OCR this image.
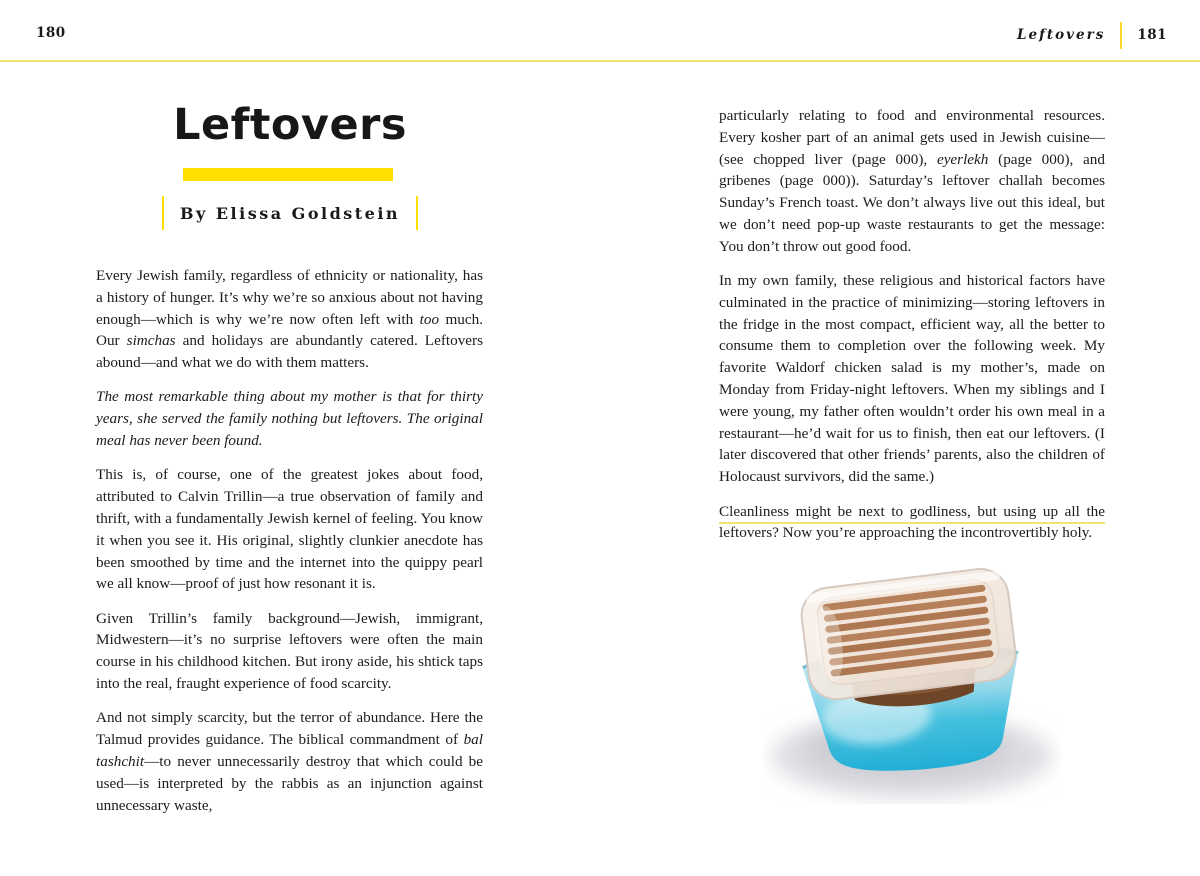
180	Leftovers 181
Leftovers
By Elissa Goldstein

Every Jewish family, regardless of ethnicity or nationality, has a history of hunger. It’s why we’re so anxious about not having enough—which is why we’re now often left with too much. Our simchas and holidays are abundantly catered. Leftovers abound—and what we do with them matters.

The most remarkable thing about my mother is that for thirty years, she served the family nothing but leftovers. The original meal has never been found.

This is, of course, one of the greatest jokes about food, attributed to Calvin Trillin—a true observation of family and thrift, with a fundamentally Jewish kernel of feeling. You know it when you see it. His original, slightly clunkier anecdote has been smoothed by time and the internet into the quippy pearl we all know—proof of just how resonant it is.

Given Trillin’s family background—Jewish, immigrant, Midwestern—it’s no surprise leftovers were often the main course in his childhood kitchen. But irony aside, his shtick taps into the real, fraught experience of food scarcity.

And not simply scarcity, but the terror of abundance. Here the Talmud provides guidance. The biblical commandment of bal tashchit—to never unnecessarily destroy that which could be used—is interpreted by the rabbis as an injunction against unnecessary waste,

particularly relating to food and environmental resources. Every kosher part of an animal gets used in Jewish cuisine—(see chopped liver (page 000), eyerlekh (page 000), and gribenes (page 000)). Saturday’s leftover challah becomes Sunday’s French toast. We don’t always live out this ideal, but we don’t need pop-up waste restaurants to get the message: You don’t throw out good food.

In my own family, these religious and historical factors have culminated in the practice of minimizing—storing leftovers in the fridge in the most compact, efficient way, all the better to consume them to completion over the following week. My favorite Waldorf chicken salad is my mother’s, made on Monday from Friday-night leftovers. When my siblings and I were young, my father often wouldn’t order his own meal in a restaurant—he’d wait for us to finish, then eat our leftovers. (I later discovered that other friends’ parents, also the children of Holocaust survivors, did the same.)

Cleanliness might be next to godliness, but using up all the leftovers? Now you’re approaching the incontrovertibly holy.
